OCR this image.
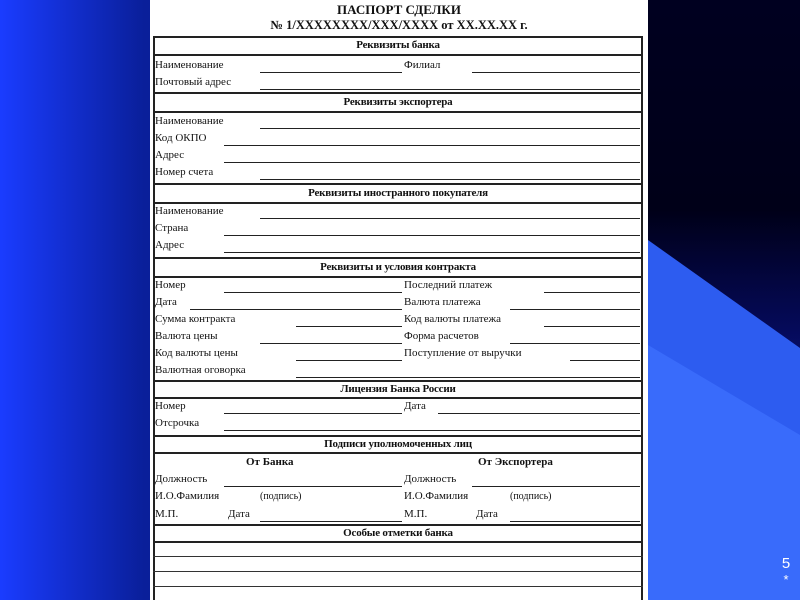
5
*
ПАСПОРТ СДЕЛКИ
№ 1/XXXXXXXX/XXX/XXXX от XX.XX.XX г.
Реквизиты банка
Наименование	Филиал
Почтовый адрес
Реквизиты экспортера
Наименование
Код ОКПО
Адрес
Номер счета
Реквизиты иностранного покупателя
Наименование
Страна
Адрес
Реквизиты и условия контракта
Номер	Последний платеж
Дата	Валюта платежа
Сумма контракта	Код валюты платежа
Валюта цены	Форма расчетов
Код валюты цены	Поступление от выручки
Валютная оговорка
Лицензия Банка России
Номер	Дата
Отсрочка
Подписи уполномоченных лиц
От Банка	От Экспортера
Должность	Должность
И.О.Фамилия	(подпись)	И.О.Фамилия	(подпись)
М.П.	Дата	М.П.	Дата
Особые отметки банка
